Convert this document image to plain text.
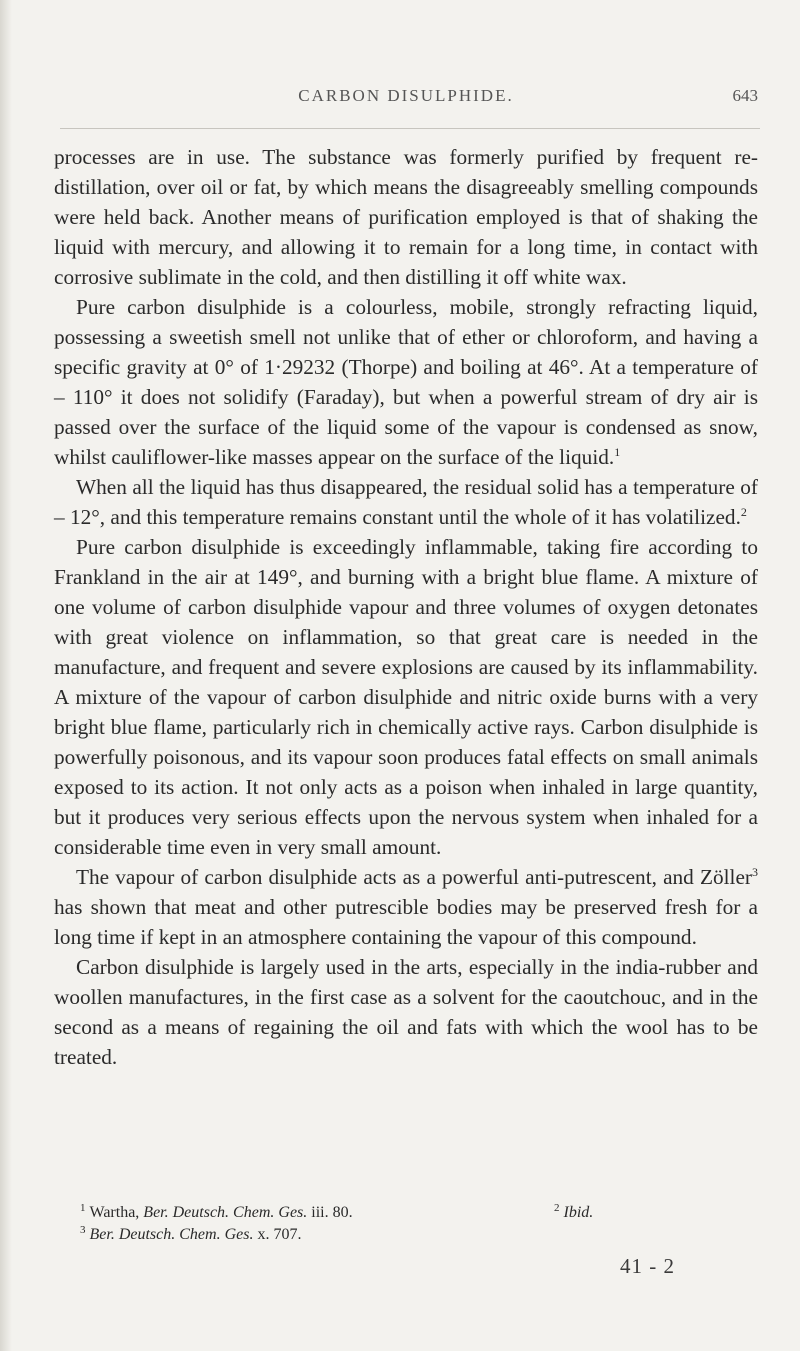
CARBON DISULPHIDE.	643

processes are in use. The substance was formerly purified by frequent re-distillation, over oil or fat, by which means the disagreeably smelling compounds were held back. Another means of purification employed is that of shaking the liquid with mercury, and allowing it to remain for a long time, in contact with corrosive sublimate in the cold, and then distilling it off white wax.

Pure carbon disulphide is a colourless, mobile, strongly refracting liquid, possessing a sweetish smell not unlike that of ether or chloroform, and having a specific gravity at 0° of 1·29232 (Thorpe) and boiling at 46°. At a temperature of – 110° it does not solidify (Faraday), but when a powerful stream of dry air is passed over the surface of the liquid some of the vapour is condensed as snow, whilst cauliflower-like masses appear on the surface of the liquid.$^1$

When all the liquid has thus disappeared, the residual solid has a temperature of – 12°, and this temperature remains constant until the whole of it has volatilized.$^2$

Pure carbon disulphide is exceedingly inflammable, taking fire according to Frankland in the air at 149°, and burning with a bright blue flame. A mixture of one volume of carbon disulphide vapour and three volumes of oxygen detonates with great violence on inflammation, so that great care is needed in the manufacture, and frequent and severe explosions are caused by its inflammability. A mixture of the vapour of carbon disulphide and nitric oxide burns with a very bright blue flame, particularly rich in chemically active rays. Carbon disulphide is powerfully poisonous, and its vapour soon produces fatal effects on small animals exposed to its action. It not only acts as a poison when inhaled in large quantity, but it produces very serious effects upon the nervous system when inhaled for a considerable time even in very small amount.

The vapour of carbon disulphide acts as a powerful anti-putrescent, and Zöller$^3$ has shown that meat and other putrescible bodies may be preserved fresh for a long time if kept in an atmosphere containing the vapour of this compound.

Carbon disulphide is largely used in the arts, especially in the india-rubber and woollen manufactures, in the first case as a solvent for the caoutchouc, and in the second as a means of regaining the oil and fats with which the wool has to be treated.

$^1$ Wartha, Ber. Deutsch. Chem. Ges. iii. 80.	$^2$ Ibid.
$^3$ Ber. Deutsch. Chem. Ges. x. 707.
41 - 2
